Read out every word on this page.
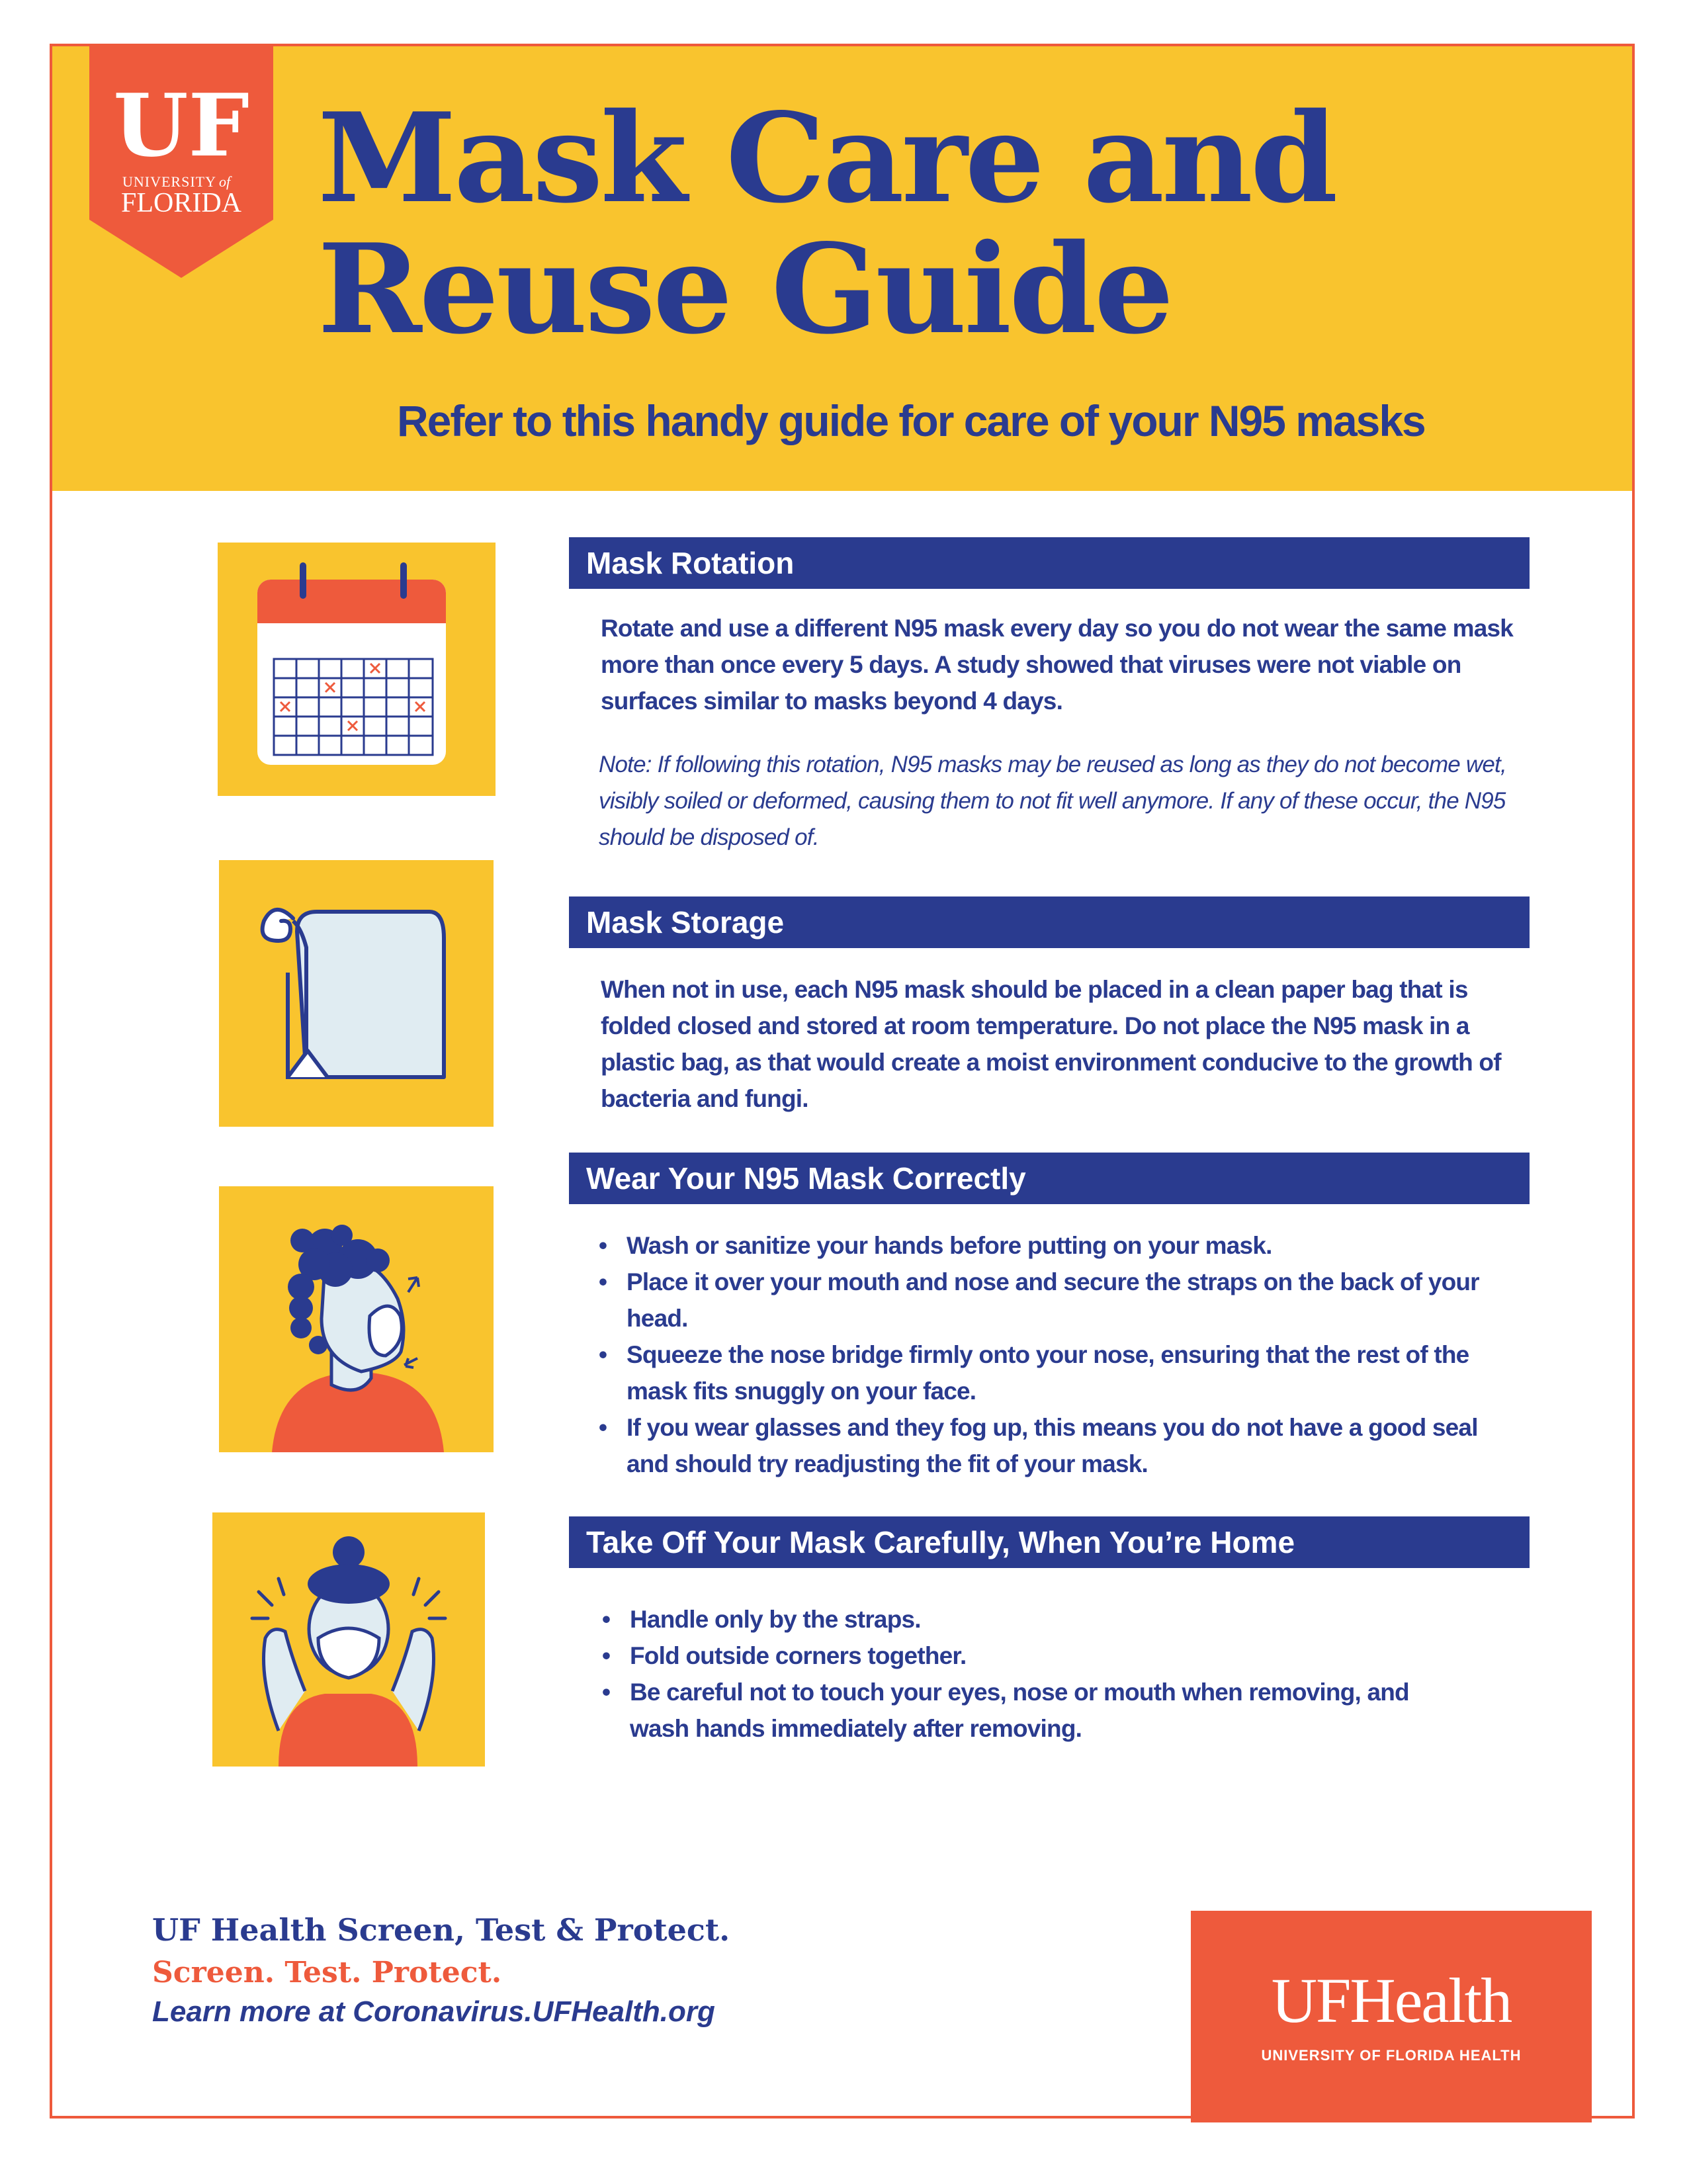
UF
UNIVERSITY of
FLORIDA Mask Care and
Reuse Guide

Refer to this handy guide for care of your N95 masks

Mask Rotation

Rotate and use a different N95 mask every day so you do not wear the same mask more than once every 5 days. A study showed that viruses were not viable on surfaces similar to masks beyond 4 days.

Note: If following this rotation, N95 masks may be reused as long as they do not become wet, visibly soiled or deformed, causing them to not fit well anymore. If any of these occur, the N95 should be disposed of.

Mask Storage

When not in use, each N95 mask should be placed in a clean paper bag that is folded closed and stored at room temperature. Do not place the N95 mask in a plastic bag, as that would create a moist environment conducive to the growth of bacteria and fungi.

Wear Your N95 Mask Correctly
• Wash or sanitize your hands before putting on your mask.
• Place it over your mouth and nose and secure the straps on the back of your head.
• Squeeze the nose bridge firmly onto your nose, ensuring that the rest of the mask fits snuggly on your face.
• If you wear glasses and they fog up, this means you do not have a good seal and should try readjusting the fit of your mask.
Take Off Your Mask Carefully, When You’re Home
• Handle only by the straps.
• Fold outside corners together.
• Be careful not to touch your eyes, nose or mouth when removing, and wash hands immediately after removing.

UF Health Screen, Test & Protect.

Screen. Test. Protect.

Learn more at Coronavirus.UFHealth.org	UFHealth
UNIVERSITY OF FLORIDA HEALTH
